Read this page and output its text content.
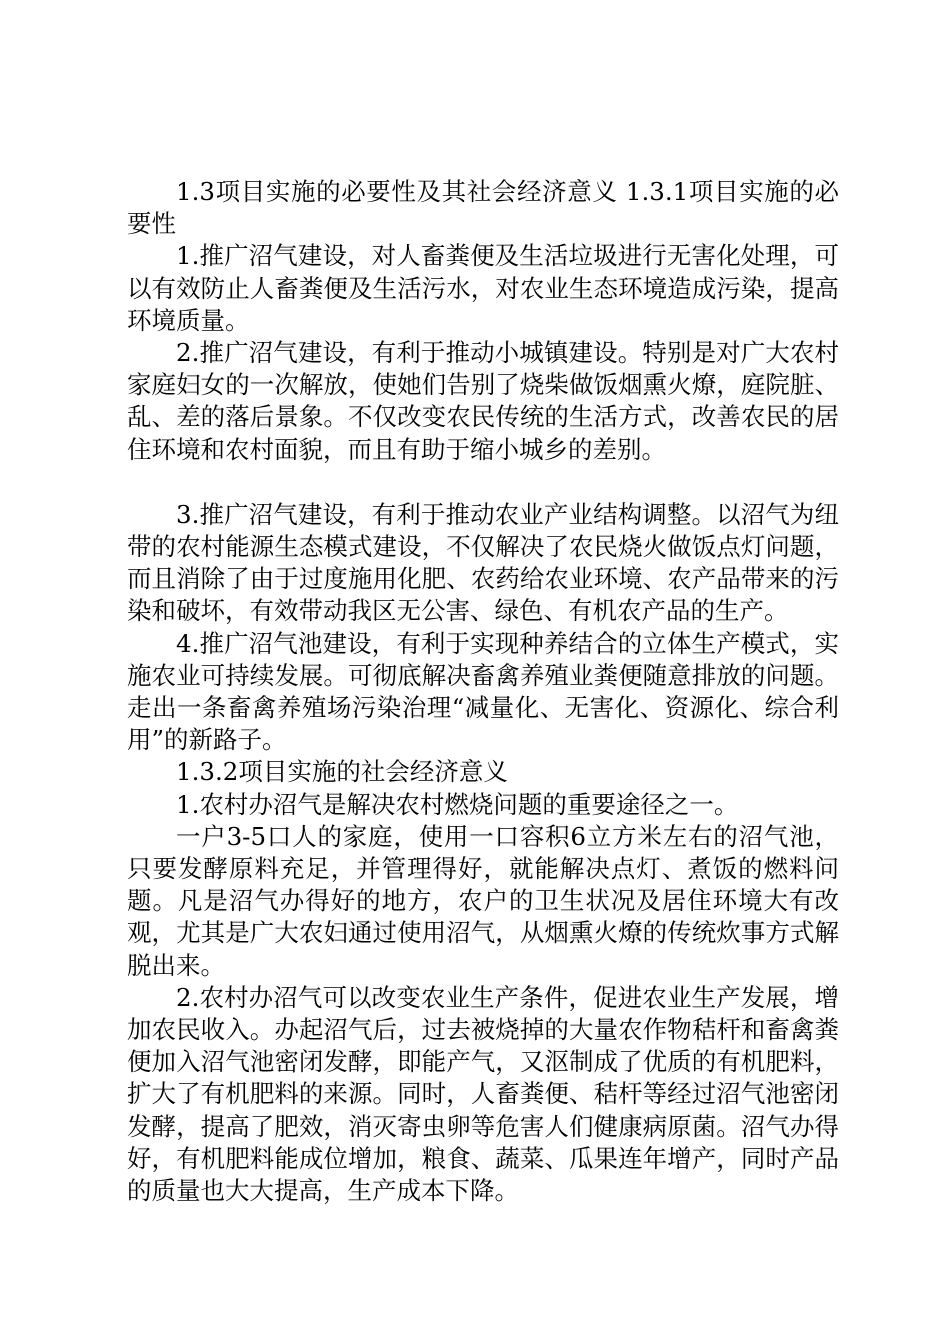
1.3项目实施的必要性及其社会经济意义 1.3.1项目实施的必要性

1.推广沼气建设，对人畜粪便及生活垃圾进行无害化处理，可以有效防止人畜粪便及生活污水，对农业生态环境造成污染，提高环境质量。

2.推广沼气建设，有利于推动小城镇建设。特别是对广大农村家庭妇女的一次解放，使她们告别了烧柴做饭烟熏火燎，庭院脏、乱、差的落后景象。不仅改变农民传统的生活方式，改善农民的居住环境和农村面貌，而且有助于缩小城乡的差别。

3.推广沼气建设，有利于推动农业产业结构调整。以沼气为纽带的农村能源生态模式建设，不仅解决了农民烧火做饭点灯问题，而且消除了由于过度施用化肥、农药给农业环境、农产品带来的污染和破坏，有效带动我区无公害、绿色、有机农产品的生产。

4.推广沼气池建设，有利于实现种养结合的立体生产模式，实施农业可持续发展。可彻底解决畜禽养殖业粪便随意排放的问题。走出一条畜禽养殖场污染治理“减量化、无害化、资源化、综合利用”的新路子。

1.3.2项目实施的社会经济意义

1.农村办沼气是解决农村燃烧问题的重要途径之一。

一户3-5口人的家庭，使用一口容积6立方米左右的沼气池，只要发酵原料充足，并管理得好，就能解决点灯、煮饭的燃料问题。凡是沼气办得好的地方，农户的卫生状况及居住环境大有改观，尤其是广大农妇通过使用沼气，从烟熏火燎的传统炊事方式解脱出来。

2.农村办沼气可以改变农业生产条件，促进农业生产发展，增加农民收入。办起沼气后，过去被烧掉的大量农作物秸杆和畜禽粪便加入沼气池密闭发酵，即能产气，又沤制成了优质的有机肥料，扩大了有机肥料的来源。同时，人畜粪便、秸杆等经过沼气池密闭发酵，提高了肥效，消灭寄虫卵等危害人们健康病原菌。沼气办得好，有机肥料能成位增加，粮食、蔬菜、瓜果连年增产，同时产品的质量也大大提高，生产成本下降。
